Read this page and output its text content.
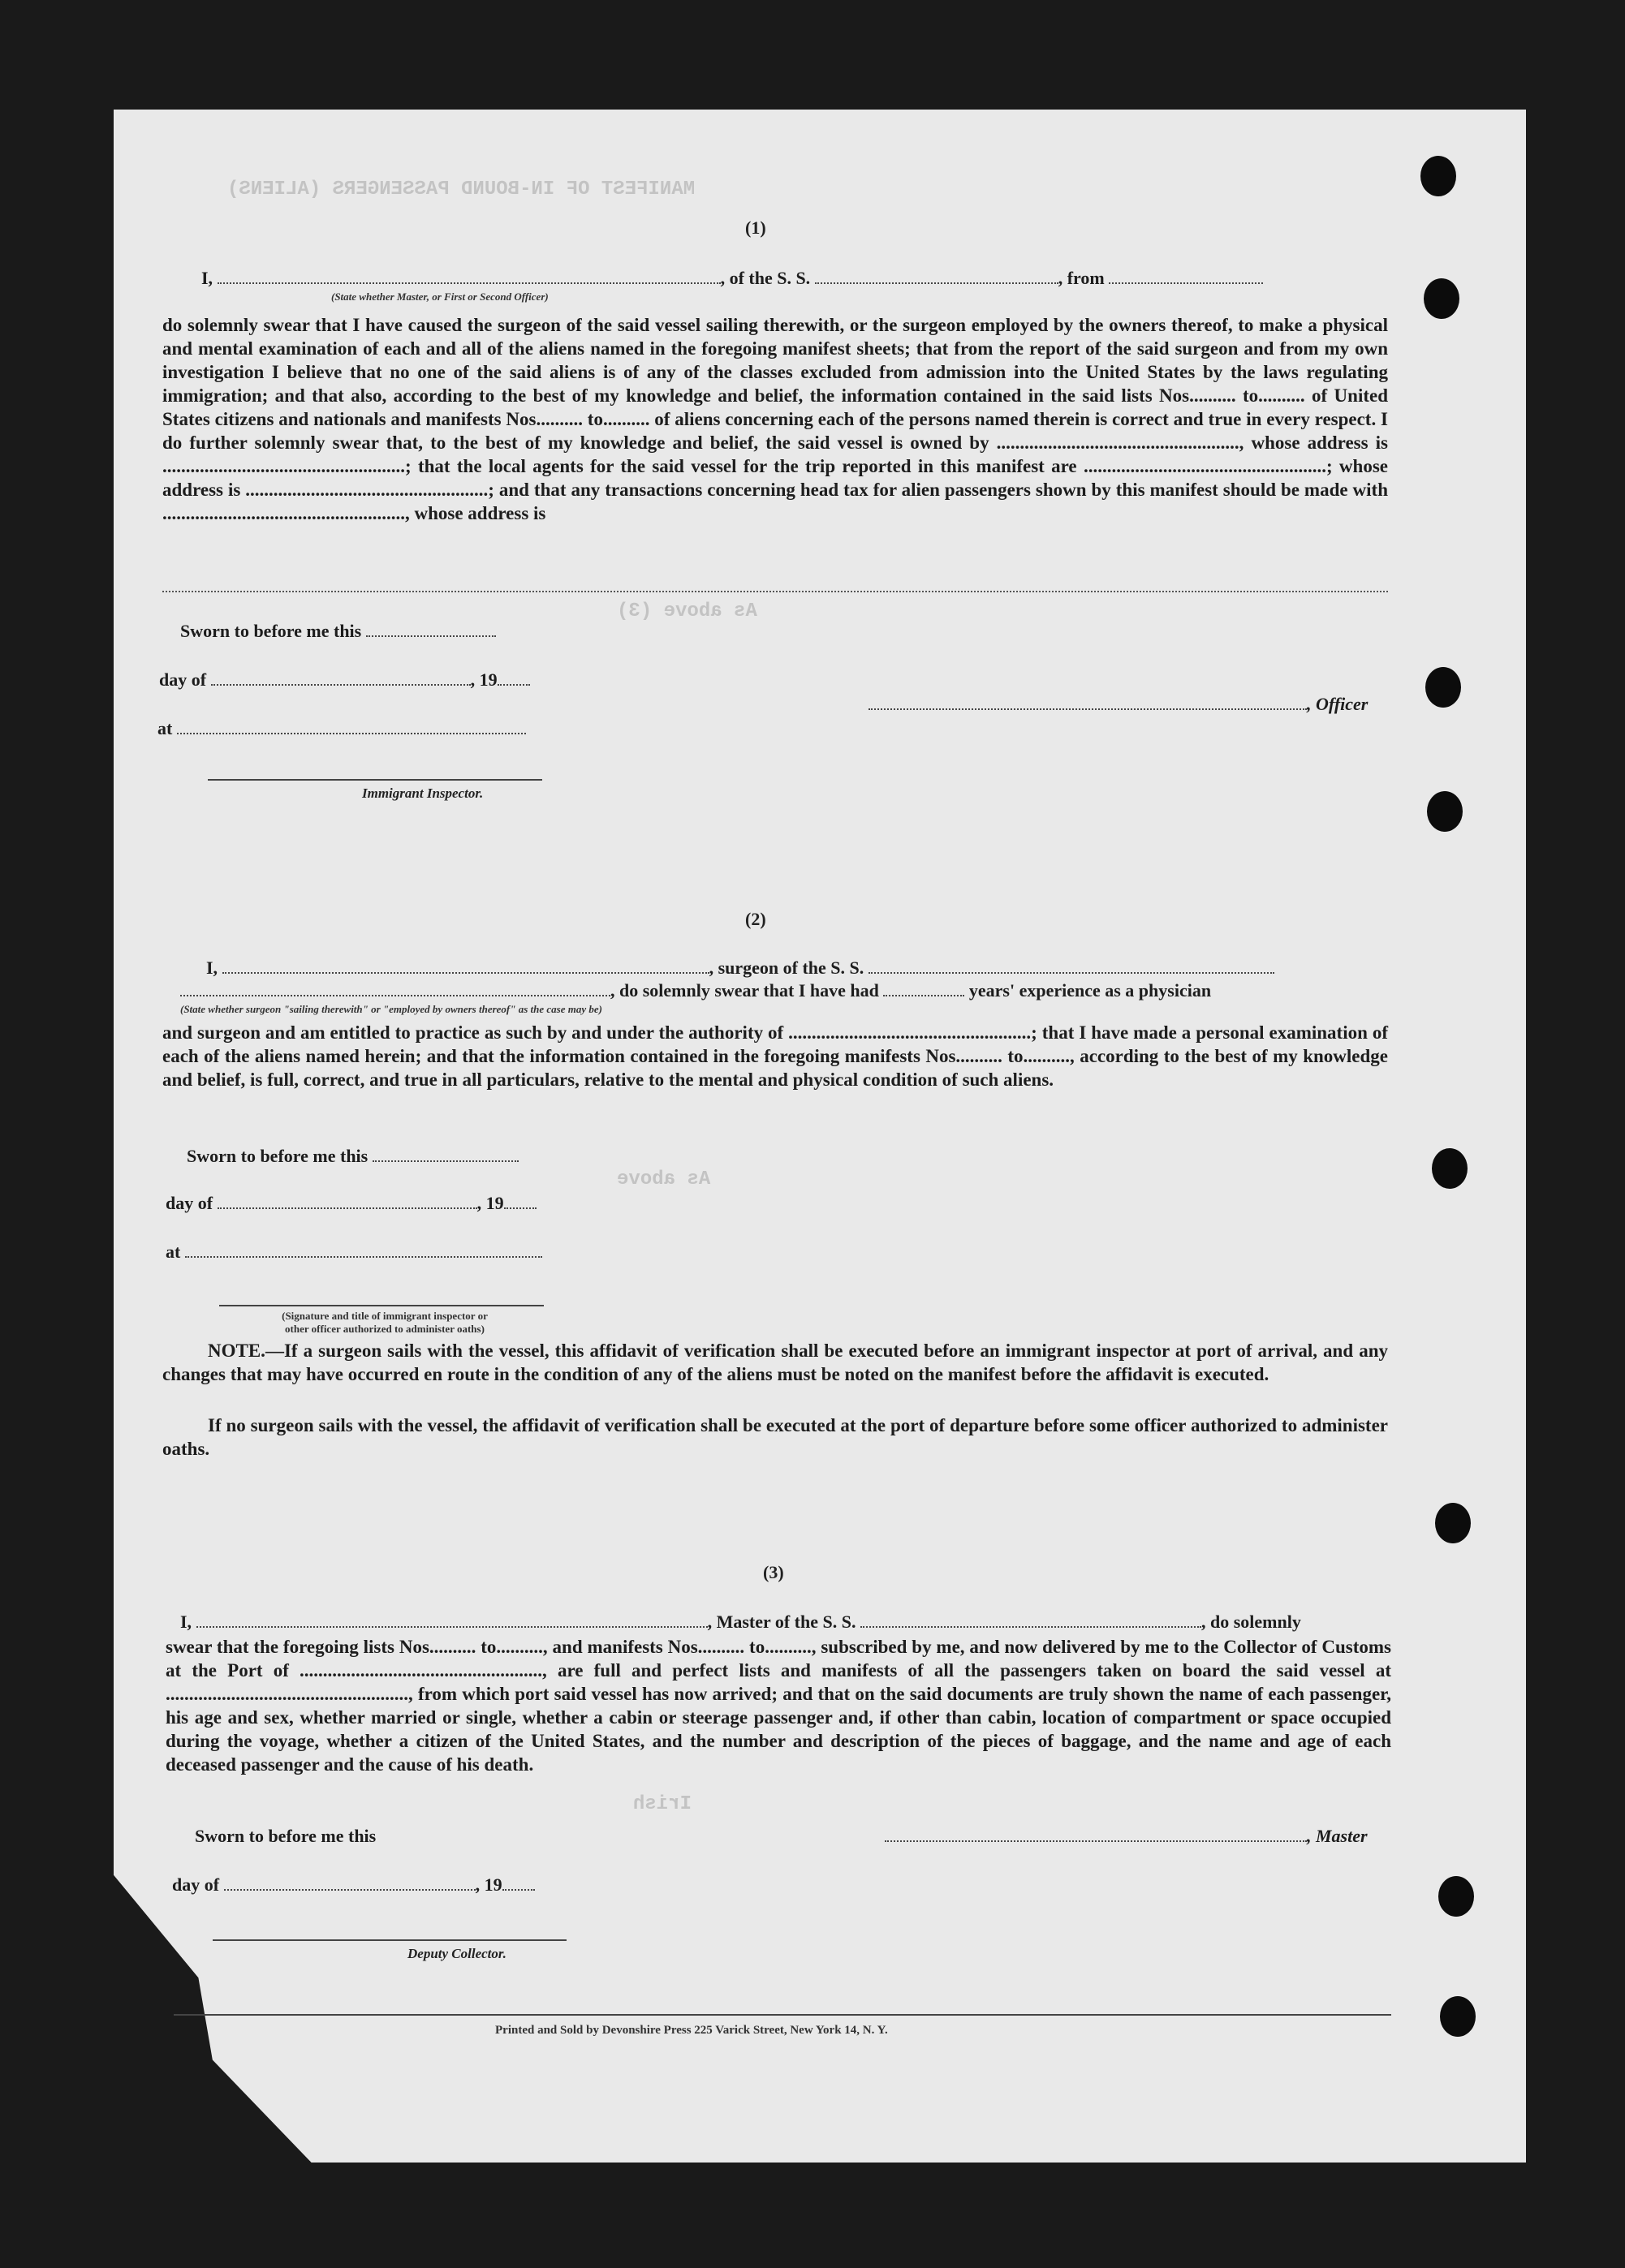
MANIFEST OF IN-BOUND PASSENGERS (ALIENS)
As above (3)
As above
Irish
(1)
I,	, of the S. S.	, from
(State whether Master, or First or Second Officer)
do solemnly swear that I have caused the surgeon of the said vessel sailing therewith, or the surgeon employed by the owners thereof, to make a physical and mental examination of each and all of the aliens named in the foregoing manifest sheets; that from the report of the said surgeon and from my own investigation I believe that no one of the said aliens is of any of the classes excluded from admission into the United States by the laws regulating immigration; and that also, according to the best of my knowledge and belief, the information contained in the said lists Nos.......... to.......... of United States citizens and nationals and manifests Nos.......... to.......... of aliens concerning each of the persons named therein is correct and true in every respect. I do further solemnly swear that, to the best of my knowledge and belief, the said vessel is owned by ...................................................., whose address is ....................................................; that the local agents for the said vessel for the trip reported in this manifest are ....................................................; whose address is ....................................................; and that any transactions concerning head tax for alien passengers shown by this manifest should be made with ...................................................., whose address is
Sworn to before me this
day of	, 19
at
, Officer
Immigrant Inspector.
(2)
I,	, surgeon of the S. S.
, do solemnly swear that I have had	years' experience as a physician
(State whether surgeon "sailing therewith" or "employed by owners thereof" as the case may be)
and surgeon and am entitled to practice as such by and under the authority of ....................................................; that I have made a personal examination of each of the aliens named herein; and that the information contained in the foregoing manifests Nos.......... to.........., according to the best of my knowledge and belief, is full, correct, and true in all particulars, relative to the mental and physical condition of such aliens.
Sworn to before me this
day of	, 19
at
(Signature and title of immigrant inspector or
other officer authorized to administer oaths)
NOTE.—If a surgeon sails with the vessel, this affidavit of verification shall be executed before an immigrant inspector at port of arrival, and any changes that may have occurred en route in the condition of any of the aliens must be noted on the manifest before the affidavit is executed.
If no surgeon sails with the vessel, the affidavit of verification shall be executed at the port of departure before some officer authorized to administer oaths.
(3)
I,	, Master of the S. S.	, do solemnly
swear that the foregoing lists Nos.......... to.........., and manifests Nos.......... to.........., subscribed by me, and now delivered by me to the Collector of Customs at the Port of ...................................................., are full and perfect lists and manifests of all the passengers taken on board the said vessel at ...................................................., from which port said vessel has now arrived; and that on the said documents are truly shown the name of each passenger, his age and sex, whether married or single, whether a cabin or steerage passenger and, if other than cabin, location of compartment or space occupied during the voyage, whether a citizen of the United States, and the number and description of the pieces of baggage, and the name and age of each deceased passenger and the cause of his death.
Sworn to before me this	, Master
day of	, 19
Deputy Collector.
Printed and Sold by Devonshire Press 225 Varick Street, New York 14, N. Y.
